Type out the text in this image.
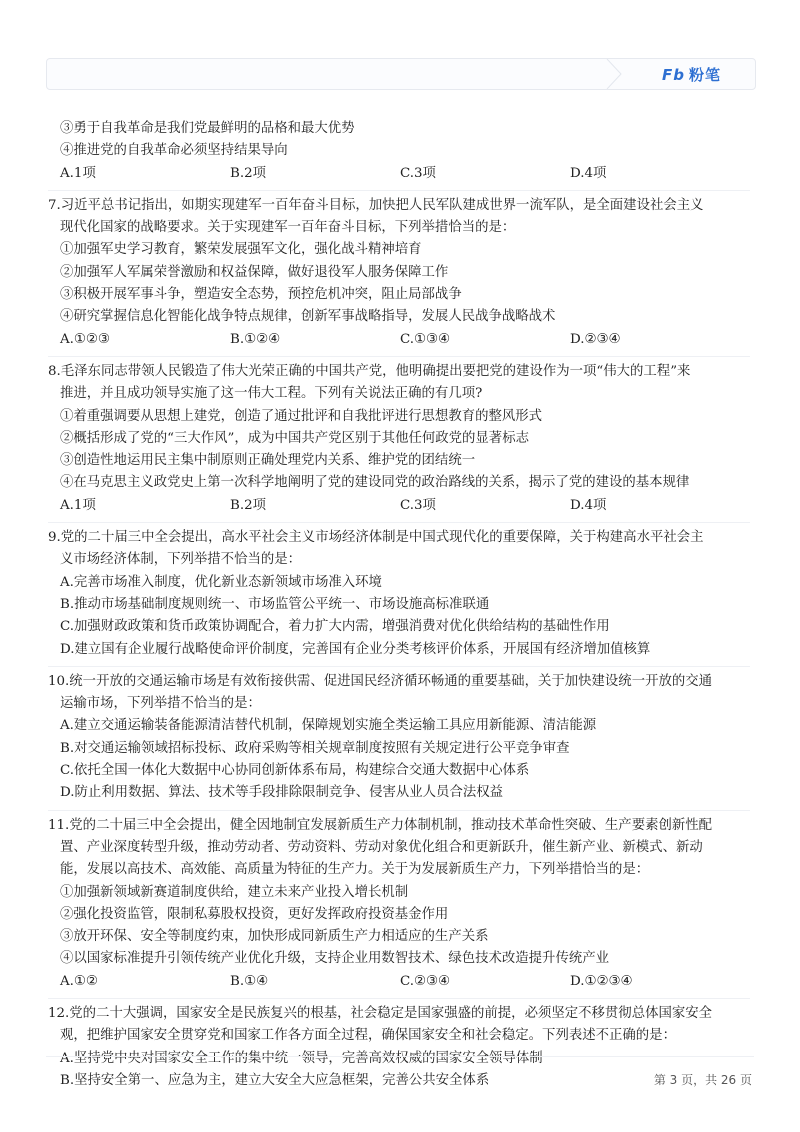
Fb 粉笔
③勇于自我革命是我们党最鲜明的品格和最大优势
④推进党的自我革命必须坚持结果导向
A.1项	B.2项	C.3项	D.4项
7.习近平总书记指出，如期实现建军一百年奋斗目标，加快把人民军队建成世界一流军队，是全面建设社会主义
现代化国家的战略要求。关于实现建军一百年奋斗目标，下列举措恰当的是：
①加强军史学习教育，繁荣发展强军文化，强化战斗精神培育
②加强军人军属荣誉激励和权益保障，做好退役军人服务保障工作
③积极开展军事斗争，塑造安全态势，预控危机冲突，阻止局部战争
④研究掌握信息化智能化战争特点规律，创新军事战略指导，发展人民战争战略战术
A.①②③	B.①②④	C.①③④	D.②③④
8.毛泽东同志带领人民锻造了伟大光荣正确的中国共产党，他明确提出要把党的建设作为一项“伟大的工程”来
推进，并且成功领导实施了这一伟大工程。下列有关说法正确的有几项?
①着重强调要从思想上建党，创造了通过批评和自我批评进行思想教育的整风形式
②概括形成了党的“三大作风”，成为中国共产党区别于其他任何政党的显著标志
③创造性地运用民主集中制原则正确处理党内关系、维护党的团结统一
④在马克思主义政党史上第一次科学地阐明了党的建设同党的政治路线的关系，揭示了党的建设的基本规律
A.1项	B.2项	C.3项	D.4项
9.党的二十届三中全会提出，高水平社会主义市场经济体制是中国式现代化的重要保障，关于构建高水平社会主
义市场经济体制，下列举措不恰当的是：
A.完善市场准入制度，优化新业态新领域市场准入环境
B.推动市场基础制度规则统一、市场监管公平统一、市场设施高标准联通
C.加强财政政策和货币政策协调配合，着力扩大内需，增强消费对优化供给结构的基础性作用
D.建立国有企业履行战略使命评价制度，完善国有企业分类考核评价体系，开展国有经济增加值核算
10.统一开放的交通运输市场是有效衔接供需、促进国民经济循环畅通的重要基础，关于加快建设统一开放的交通
运输市场，下列举措不恰当的是：
A.建立交通运输装备能源清洁替代机制，保障规划实施全类运输工具应用新能源、清洁能源
B.对交通运输领域招标投标、政府采购等相关规章制度按照有关规定进行公平竞争审查
C.依托全国一体化大数据中心协同创新体系布局，构建综合交通大数据中心体系
D.防止利用数据、算法、技术等手段排除限制竞争、侵害从业人员合法权益
11.党的二十届三中全会提出，健全因地制宜发展新质生产力体制机制，推动技术革命性突破、生产要素创新性配
置、产业深度转型升级，推动劳动者、劳动资料、劳动对象优化组合和更新跃升，催生新产业、新模式、新动
能，发展以高技术、高效能、高质量为特征的生产力。关于为发展新质生产力，下列举措恰当的是：
①加强新领域新赛道制度供给，建立未来产业投入增长机制
②强化投资监管，限制私募股权投资，更好发挥政府投资基金作用
③放开环保、安全等制度约束，加快形成同新质生产力相适应的生产关系
④以国家标准提升引领传统产业优化升级，支持企业用数智技术、绿色技术改造提升传统产业
A.①②	B.①④	C.②③④	D.①②③④
12.党的二十大强调，国家安全是民族复兴的根基，社会稳定是国家强盛的前提，必须坚定不移贯彻总体国家安全
观，把维护国家安全贯穿党和国家工作各方面全过程，确保国家安全和社会稳定。下列表述不正确的是：
A.坚持党中央对国家安全工作的集中统一领导，完善高效权威的国家安全领导体制
B.坚持安全第一、应急为主，建立大安全大应急框架，完善公共安全体系	第 3 页，共 26 页
